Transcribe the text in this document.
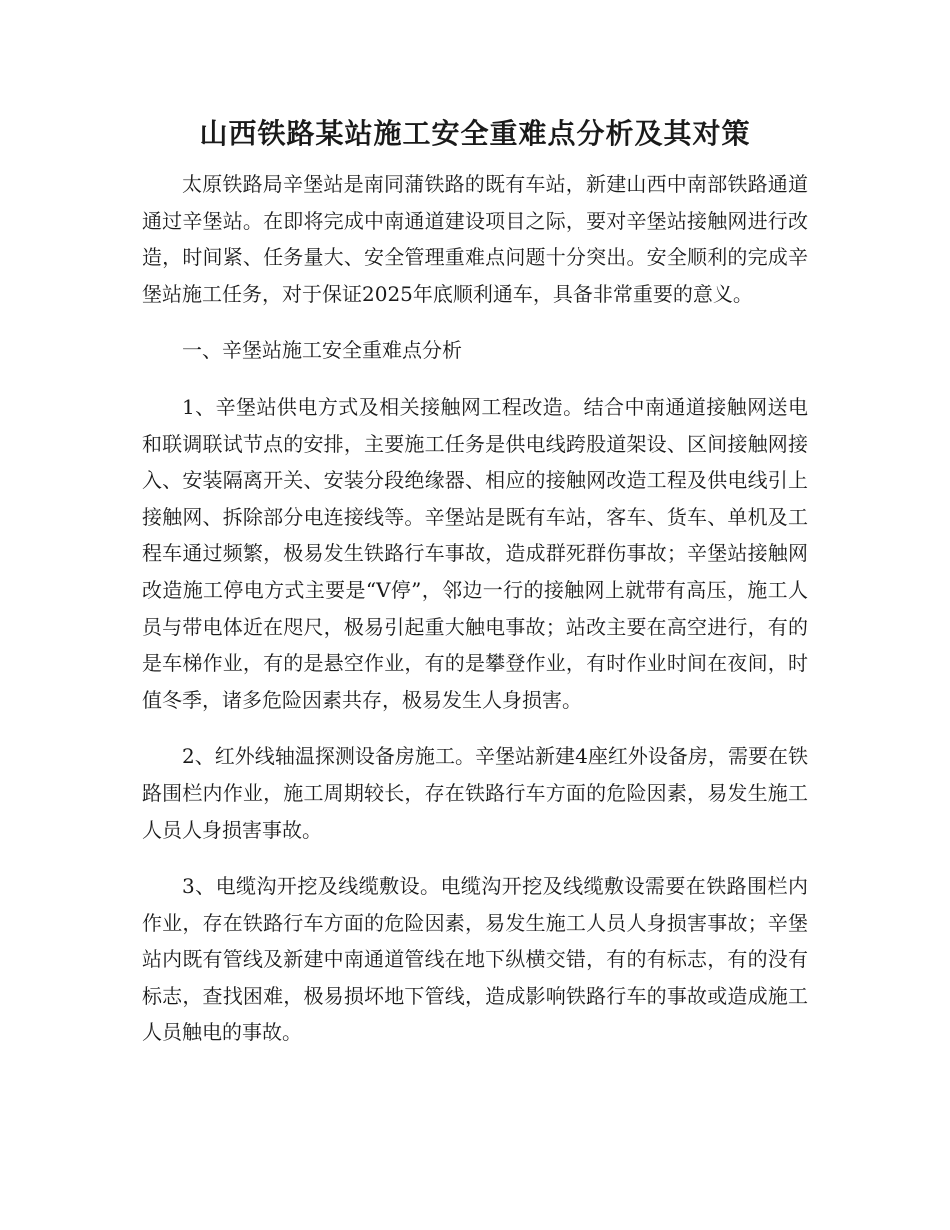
山西铁路某站施工安全重难点分析及其对策

太原铁路局辛堡站是南同蒲铁路的既有车站，新建山西中南部铁路通道通过辛堡站。在即将完成中南通道建设项目之际，要对辛堡站接触网进行改造，时间紧、任务量大、安全管理重难点问题十分突出。安全顺利的完成辛堡站施工任务，对于保证2025年底顺利通车，具备非常重要的意义。

一、辛堡站施工安全重难点分析

1、辛堡站供电方式及相关接触网工程改造。结合中南通道接触网送电和联调联试节点的安排，主要施工任务是供电线跨股道架设、区间接触网接入、安装隔离开关、安装分段绝缘器、相应的接触网改造工程及供电线引上接触网、拆除部分电连接线等。辛堡站是既有车站，客车、货车、单机及工程车通过频繁，极易发生铁路行车事故，造成群死群伤事故；辛堡站接触网改造施工停电方式主要是“V停”，邻边一行的接触网上就带有高压，施工人员与带电体近在咫尺，极易引起重大触电事故；站改主要在高空进行，有的是车梯作业，有的是悬空作业，有的是攀登作业，有时作业时间在夜间，时值冬季，诸多危险因素共存，极易发生人身损害。

2、红外线轴温探测设备房施工。辛堡站新建4座红外设备房，需要在铁路围栏内作业，施工周期较长，存在铁路行车方面的危险因素，易发生施工人员人身损害事故。

3、电缆沟开挖及线缆敷设。电缆沟开挖及线缆敷设需要在铁路围栏内作业，存在铁路行车方面的危险因素，易发生施工人员人身损害事故；辛堡站内既有管线及新建中南通道管线在地下纵横交错，有的有标志，有的没有标志，查找困难，极易损坏地下管线，造成影响铁路行车的事故或造成施工人员触电的事故。
